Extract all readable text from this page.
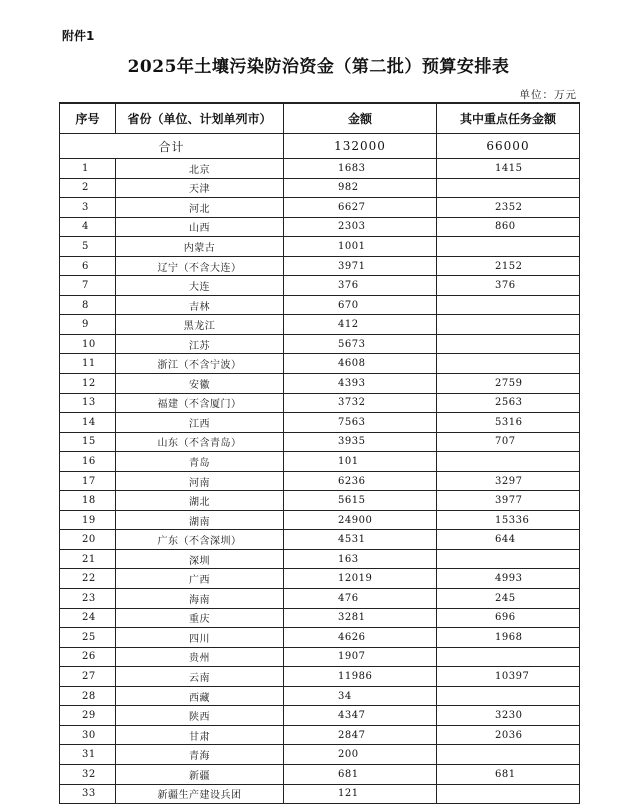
附件1
2025年土壤污染防治资金（第二批）预算安排表
单位：万元
序号	省份（单位、计划单列市）	金额	其中重点任务金额
合计		132000	66000
1	北京	1683	1415
2	天津	982	
3	河北	6627	2352
4	山西	2303	860
5	内蒙古	1001	
6	辽宁（不含大连）	3971	2152
7	大连	376	376
8	吉林	670	
9	黑龙江	412	
10	江苏	5673	
11	浙江（不含宁波）	4608	
12	安徽	4393	2759
13	福建（不含厦门）	3732	2563
14	江西	7563	5316
15	山东（不含青岛）	3935	707
16	青岛	101	
17	河南	6236	3297
18	湖北	5615	3977
19	湖南	24900	15336
20	广东（不含深圳）	4531	644
21	深圳	163	
22	广西	12019	4993
23	海南	476	245
24	重庆	3281	696
25	四川	4626	1968
26	贵州	1907	
27	云南	11986	10397
28	西藏	34	
29	陕西	4347	3230
30	甘肃	2847	2036
31	青海	200	
32	新疆	681	681
33	新疆生产建设兵团	121	
